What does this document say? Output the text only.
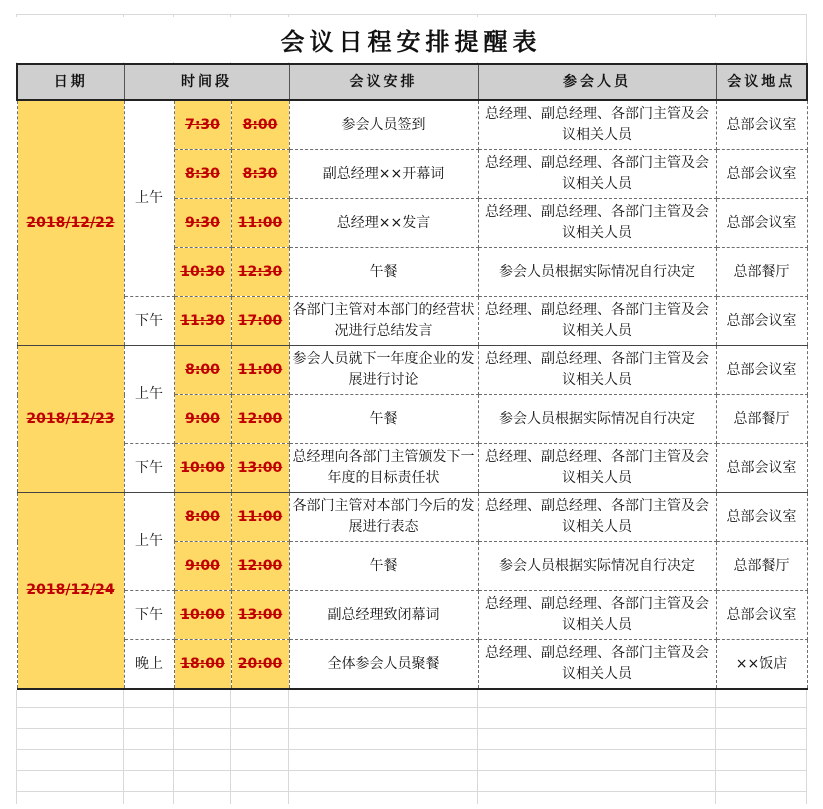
会议日程安排提醒表
日期	时间段			会议安排	参会人员	会议地点
2018/12/22	上午	7:30	8:00	参会人员签到	总经理、副总经理、各部门主管及会议相关人员	总部会议室
		8:30	8:30	副总经理××开幕词	总经理、副总经理、各部门主管及会议相关人员	总部会议室
		9:30	11:00	总经理××发言	总经理、副总经理、各部门主管及会议相关人员	总部会议室
		10:30	12:30	午餐	参会人员根据实际情况自行决定	总部餐厅
	下午	11:30	17:00	各部门主管对本部门的经营状况进行总结发言	总经理、副总经理、各部门主管及会议相关人员	总部会议室
2018/12/23	上午	8:00	11:00	参会人员就下一年度企业的发展进行讨论	总经理、副总经理、各部门主管及会议相关人员	总部会议室
		9:00	12:00	午餐	参会人员根据实际情况自行决定	总部餐厅
	下午	10:00	13:00	总经理向各部门主管颁发下一年度的目标责任状	总经理、副总经理、各部门主管及会议相关人员	总部会议室
2018/12/24	上午	8:00	11:00	各部门主管对本部门今后的发展进行表态	总经理、副总经理、各部门主管及会议相关人员	总部会议室
		9:00	12:00	午餐	参会人员根据实际情况自行决定	总部餐厅
	下午	10:00	13:00	副总经理致闭幕词	总经理、副总经理、各部门主管及会议相关人员	总部会议室
	晚上	18:00	20:00	全体参会人员聚餐	总经理、副总经理、各部门主管及会议相关人员	××饭店
